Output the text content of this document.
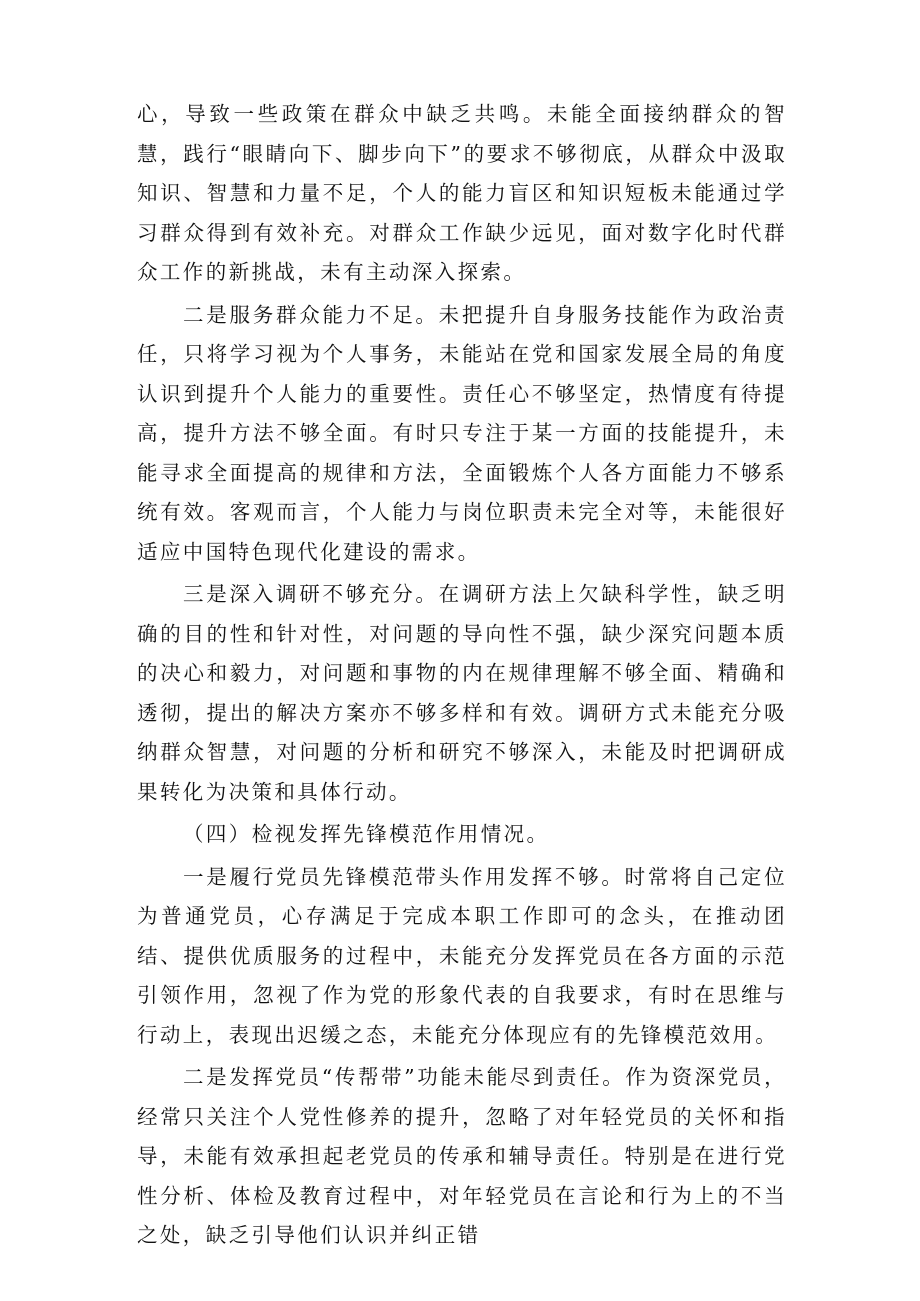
心，导致一些政策在群众中缺乏共鸣。未能全面接纳群众的智慧，践行“眼睛向下、脚步向下”的要求不够彻底，从群众中汲取知识、智慧和力量不足，个人的能力盲区和知识短板未能通过学习群众得到有效补充。对群众工作缺少远见，面对数字化时代群众工作的新挑战，未有主动深入探索。

二是服务群众能力不足。未把提升自身服务技能作为政治责任，只将学习视为个人事务，未能站在党和国家发展全局的角度认识到提升个人能力的重要性。责任心不够坚定，热情度有待提高，提升方法不够全面。有时只专注于某一方面的技能提升，未能寻求全面提高的规律和方法，全面锻炼个人各方面能力不够系统有效。客观而言，个人能力与岗位职责未完全对等，未能很好适应中国特色现代化建设的需求。

三是深入调研不够充分。在调研方法上欠缺科学性，缺乏明确的目的性和针对性，对问题的导向性不强，缺少深究问题本质的决心和毅力，对问题和事物的内在规律理解不够全面、精确和透彻，提出的解决方案亦不够多样和有效。调研方式未能充分吸纳群众智慧，对问题的分析和研究不够深入，未能及时把调研成果转化为决策和具体行动。

（四）检视发挥先锋模范作用情况。

一是履行党员先锋模范带头作用发挥不够。时常将自己定位为普通党员，心存满足于完成本职工作即可的念头，在推动团结、提供优质服务的过程中，未能充分发挥党员在各方面的示范引领作用，忽视了作为党的形象代表的自我要求，有时在思维与行动上，表现出迟缓之态，未能充分体现应有的先锋模范效用。

二是发挥党员“传帮带”功能未能尽到责任。作为资深党员，经常只关注个人党性修养的提升，忽略了对年轻党员的关怀和指导，未能有效承担起老党员的传承和辅导责任。特别是在进行党性分析、体检及教育过程中，对年轻党员在言论和行为上的不当之处，缺乏引导他们认识并纠正错
